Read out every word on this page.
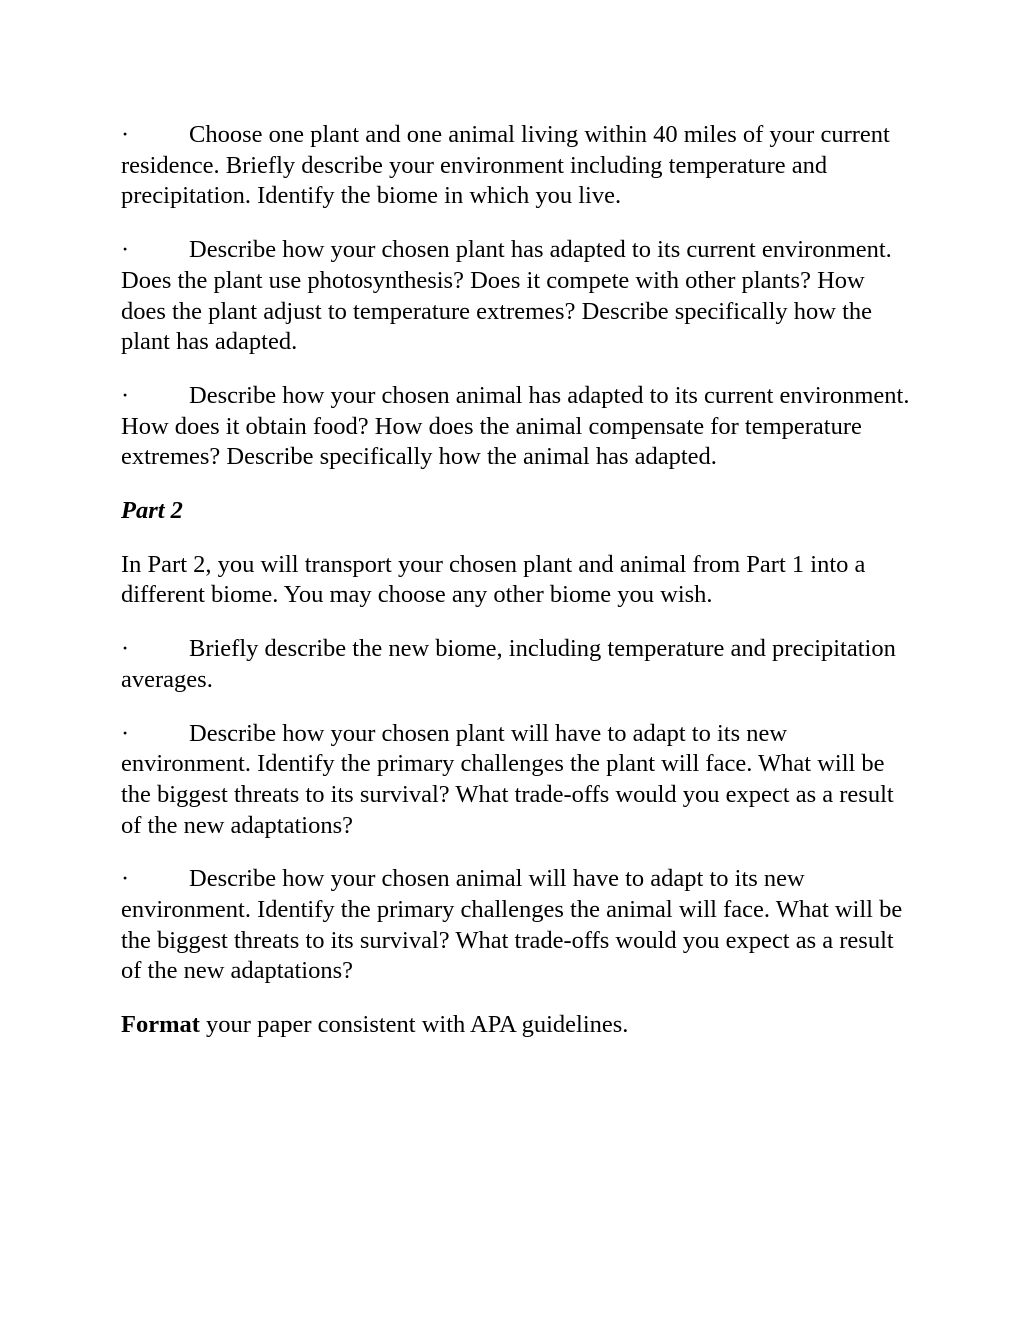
· Choose one plant and one animal living within 40 miles of your current residence. Briefly describe your environment including temperature and precipitation. Identify the biome in which you live.

· Describe how your chosen plant has adapted to its current environment. Does the plant use photosynthesis? Does it compete with other plants? How does the plant adjust to temperature extremes? Describe specifically how the plant has adapted.

· Describe how your chosen animal has adapted to its current environment. How does it obtain food? How does the animal compensate for temperature extremes? Describe specifically how the animal has adapted.

Part 2

In Part 2, you will transport your chosen plant and animal from Part 1 into a different biome. You may choose any other biome you wish.

· Briefly describe the new biome, including temperature and precipitation averages.

· Describe how your chosen plant will have to adapt to its new environment. Identify the primary challenges the plant will face. What will be the biggest threats to its survival? What trade-offs would you expect as a result of the new adaptations?

· Describe how your chosen animal will have to adapt to its new environment. Identify the primary challenges the animal will face. What will be the biggest threats to its survival? What trade-offs would you expect as a result of the new adaptations?

Format your paper consistent with APA guidelines.
